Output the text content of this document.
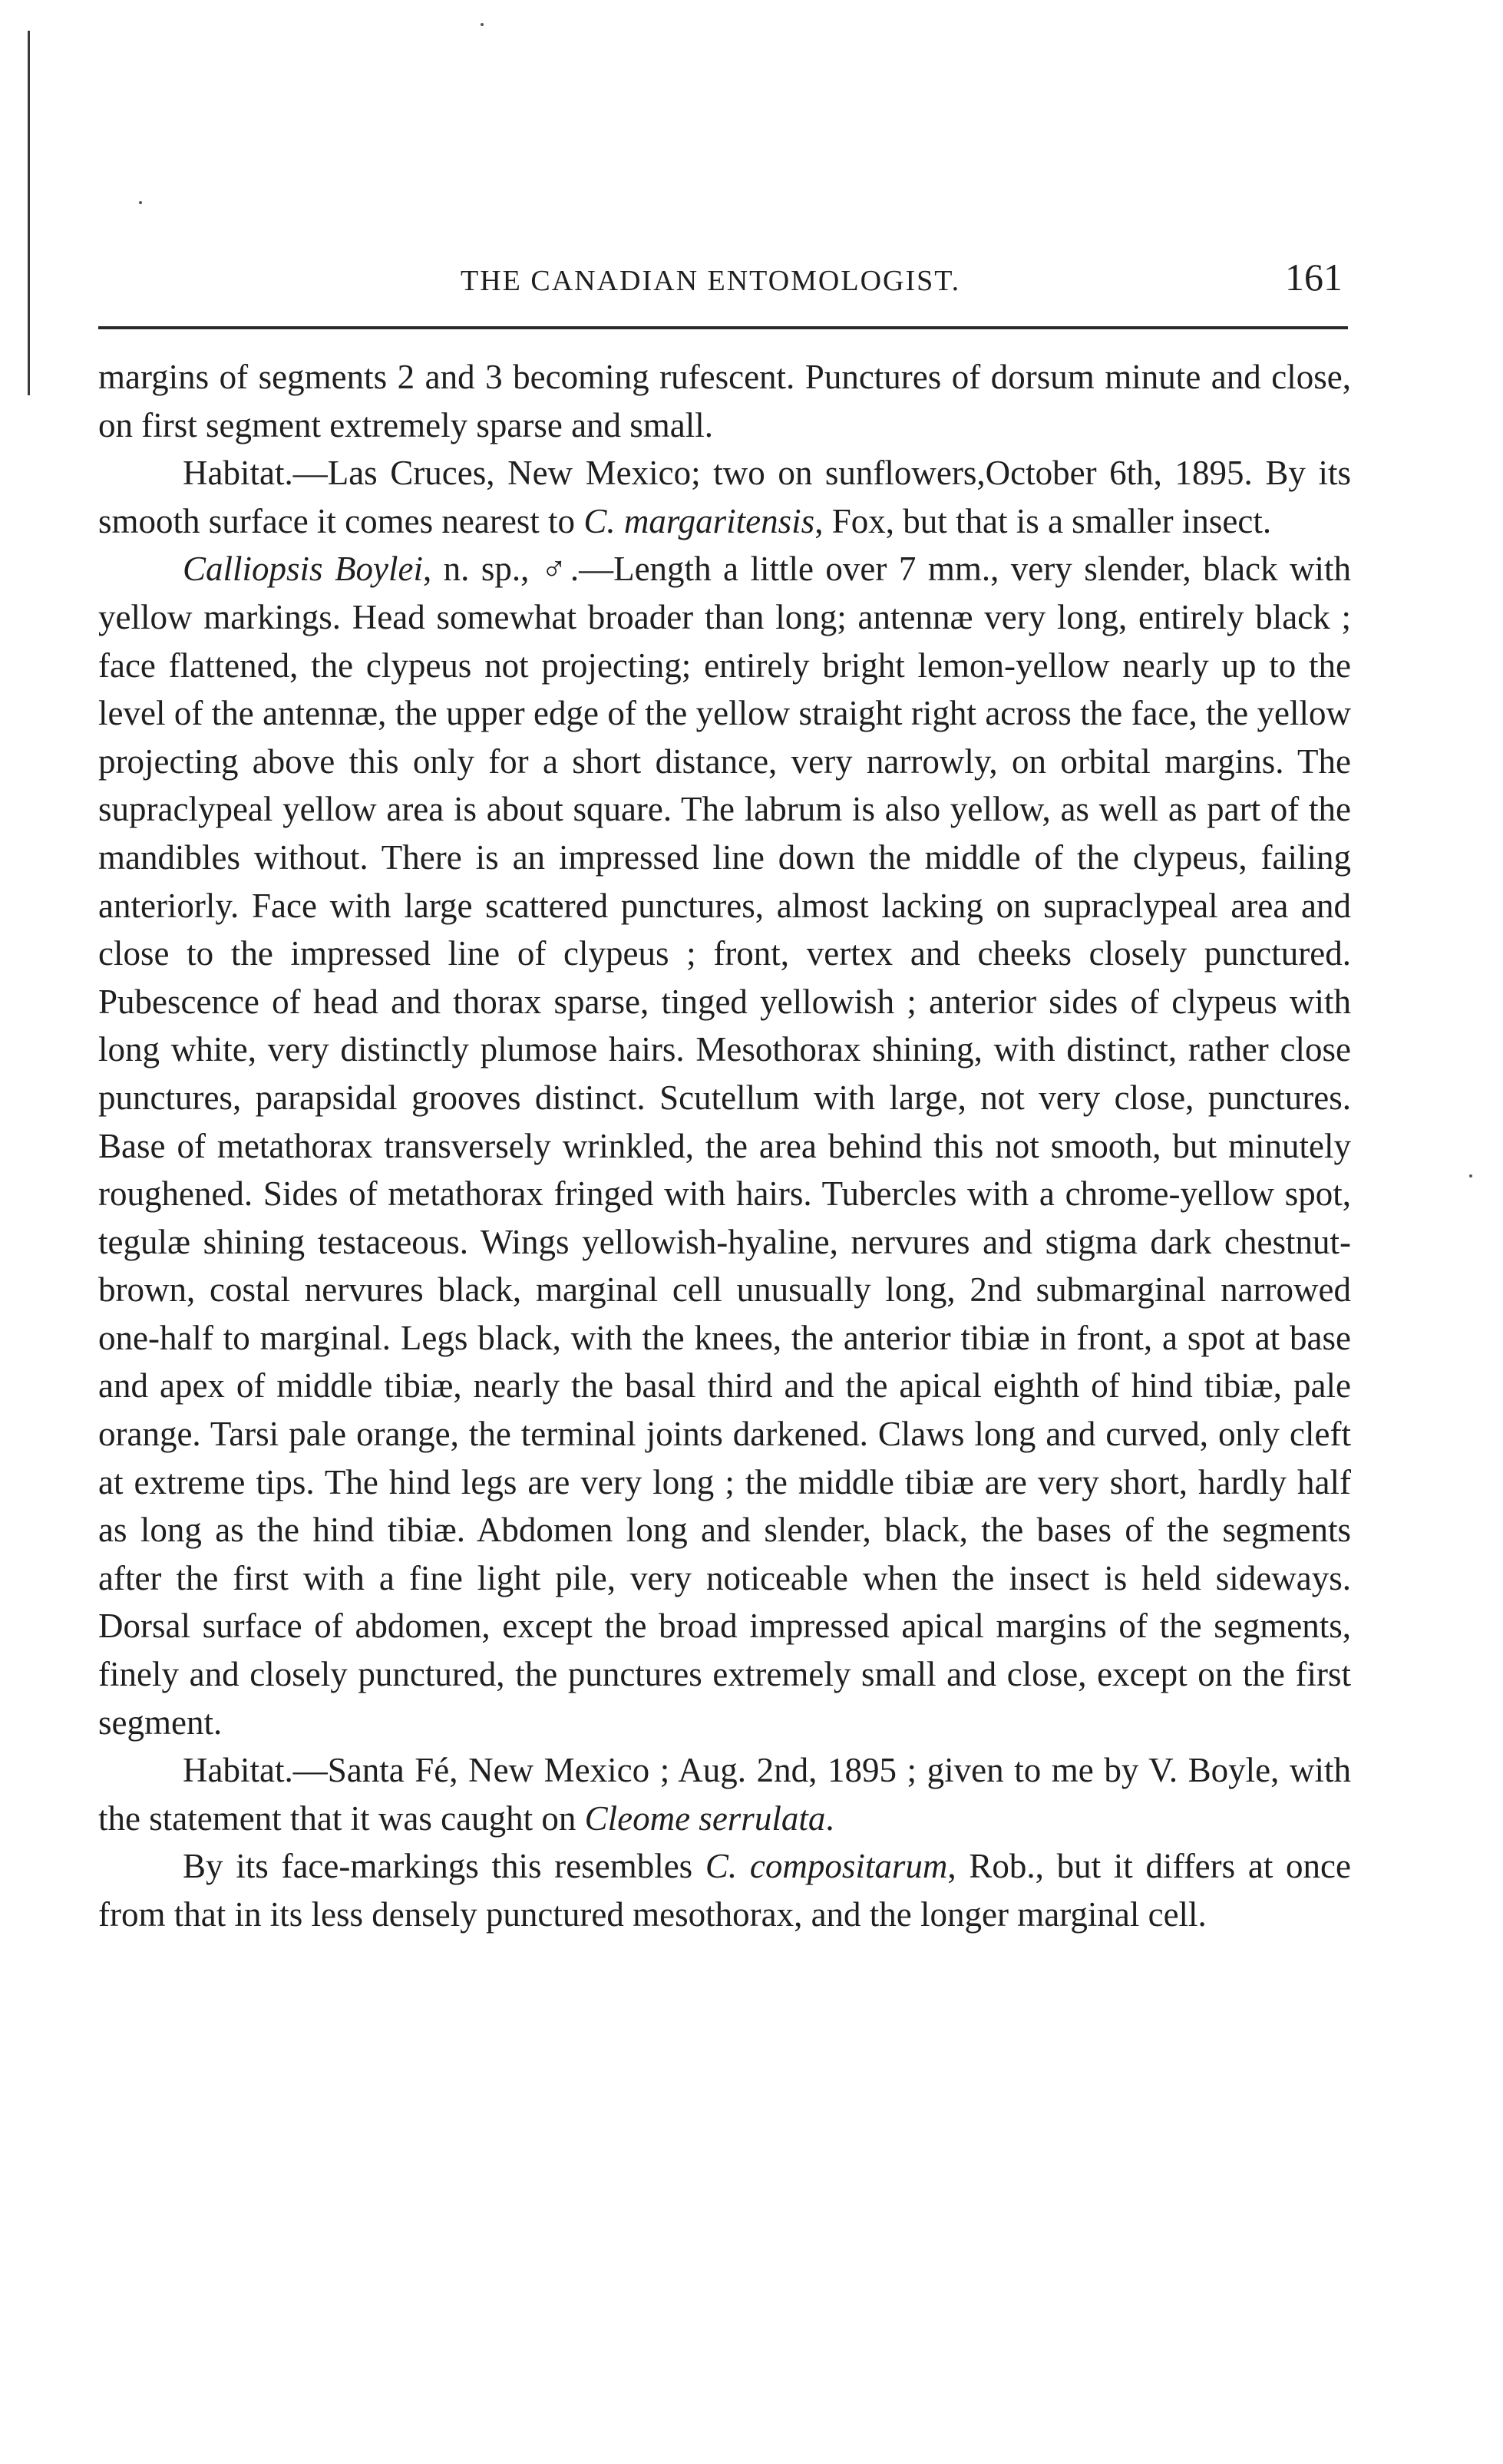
THE CANADIAN ENTOMOLOGIST.	161

margins of segments 2 and 3 becoming rufescent. Punctures of dorsum minute and close, on first segment extremely sparse and small.

Habitat.—Las Cruces, New Mexico; two on sunflowers,October 6th, 1895. By its smooth surface it comes nearest to C. margaritensis, Fox, but that is a smaller insect.

Calliopsis Boylei, n. sp., ♂.—Length a little over 7 mm., very slender, black with yellow markings. Head somewhat broader than long; antennæ very long, entirely black ; face flattened, the clypeus not projecting; entirely bright lemon-yellow nearly up to the level of the antennæ, the upper edge of the yellow straight right across the face, the yellow projecting above this only for a short distance, very narrowly, on orbital margins. The supraclypeal yellow area is about square. The labrum is also yellow, as well as part of the mandibles without. There is an impressed line down the middle of the clypeus, failing anteriorly. Face with large scattered punctures, almost lacking on supraclypeal area and close to the impressed line of clypeus ; front, vertex and cheeks closely punctured. Pubescence of head and thorax sparse, tinged yellowish ; anterior sides of clypeus with long white, very distinctly plumose hairs. Mesothorax shining, with distinct, rather close punctures, parapsidal grooves distinct. Scutellum with large, not very close, punctures. Base of metathorax transversely wrinkled, the area behind this not smooth, but minutely roughened. Sides of metathorax fringed with hairs. Tubercles with a chrome-yellow spot, tegulæ shining testaceous. Wings yellowish-hyaline, nervures and stigma dark chestnut-brown, costal nervures black, marginal cell unusually long, 2nd submarginal narrowed one-half to marginal. Legs black, with the knees, the anterior tibiæ in front, a spot at base and apex of middle tibiæ, nearly the basal third and the apical eighth of hind tibiæ, pale orange. Tarsi pale orange, the terminal joints darkened. Claws long and curved, only cleft at extreme tips. The hind legs are very long ; the middle tibiæ are very short, hardly half as long as the hind tibiæ. Abdomen long and slender, black, the bases of the segments after the first with a fine light pile, very noticeable when the insect is held sideways. Dorsal surface of abdomen, except the broad impressed apical margins of the segments, finely and closely punctured, the punctures extremely small and close, except on the first segment.

Habitat.—Santa Fé, New Mexico ; Aug. 2nd, 1895 ; given to me by V. Boyle, with the statement that it was caught on Cleome serrulata.

By its face-markings this resembles C. compositarum, Rob., but it differs at once from that in its less densely punctured mesothorax, and the longer marginal cell.
